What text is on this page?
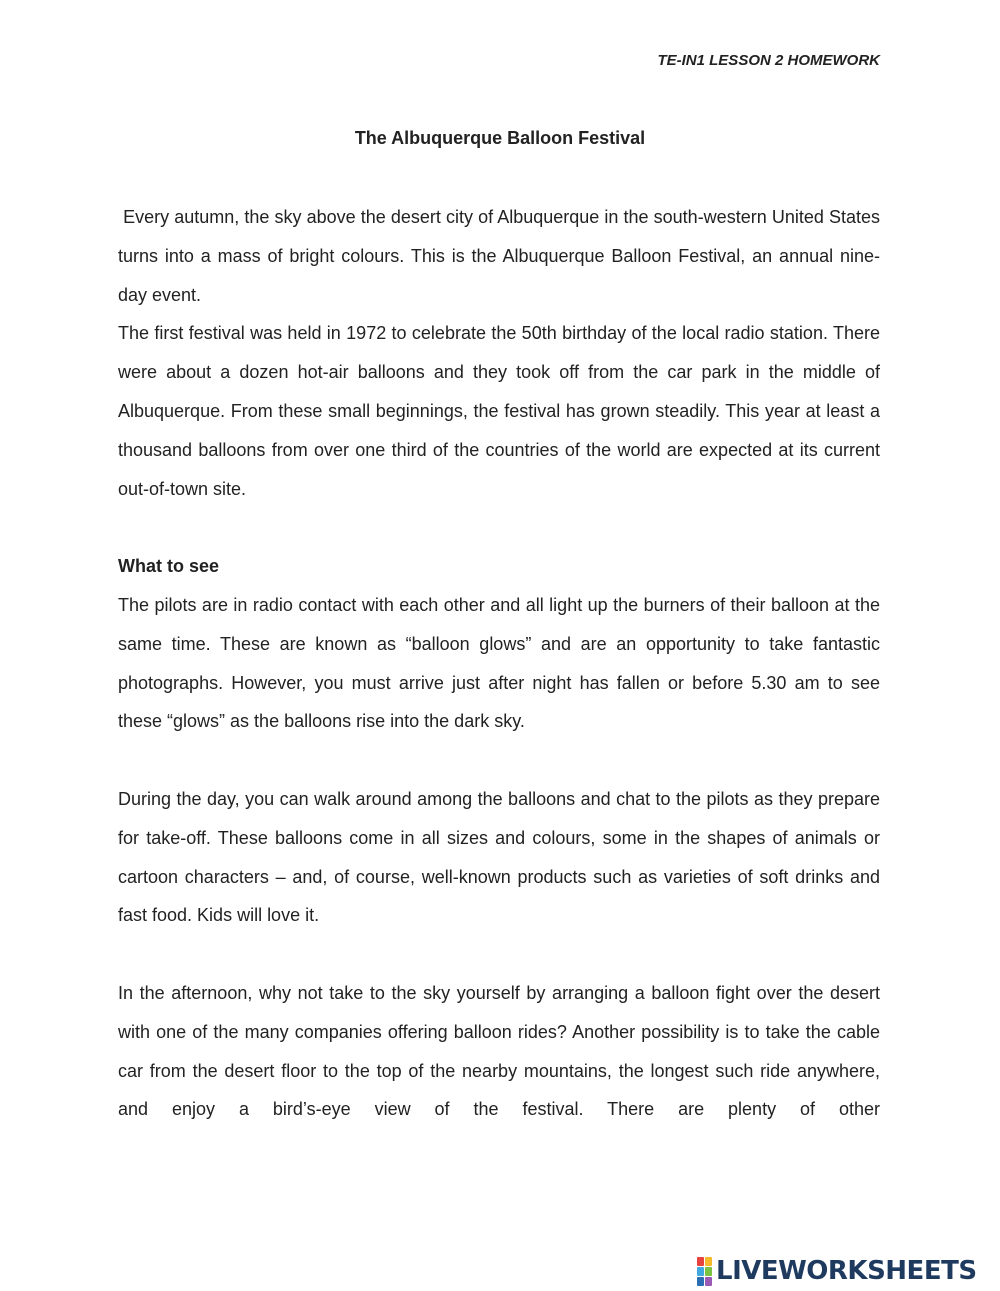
TE-IN1 LESSON 2 HOMEWORK
The Albuquerque Balloon Festival

Every autumn, the sky above the desert city of Albuquerque in the south-western United States turns into a mass of bright colours. This is the Albuquerque Balloon Festival, an annual nine-day event.

The first festival was held in 1972 to celebrate the 50th birthday of the local radio station. There were about a dozen hot-air balloons and they took off from the car park in the middle of Albuquerque. From these small beginnings, the festival has grown steadily. This year at least a thousand balloons from over one third of the countries of the world are expected at its current out-of-town site.

What to see

The pilots are in radio contact with each other and all light up the burners of their balloon at the same time. These are known as “balloon glows” and are an opportunity to take fantastic photographs. However, you must arrive just after night has fallen or before 5.30 am to see these “glows” as the balloons rise into the dark sky.

During the day, you can walk around among the balloons and chat to the pilots as they prepare for take-off. These balloons come in all sizes and colours, some in the shapes of animals or cartoon characters – and, of course, well-known products such as varieties of soft drinks and fast food. Kids will love it.

In the afternoon, why not take to the sky yourself by arranging a balloon fight over the desert with one of the many companies offering balloon rides? Another possibility is to take the cable car from the desert floor to the top of the nearby mountains, the longest such ride anywhere, and enjoy a bird’s-eye view of the festival. There are plenty of other

LIVEWORKSHEETS
